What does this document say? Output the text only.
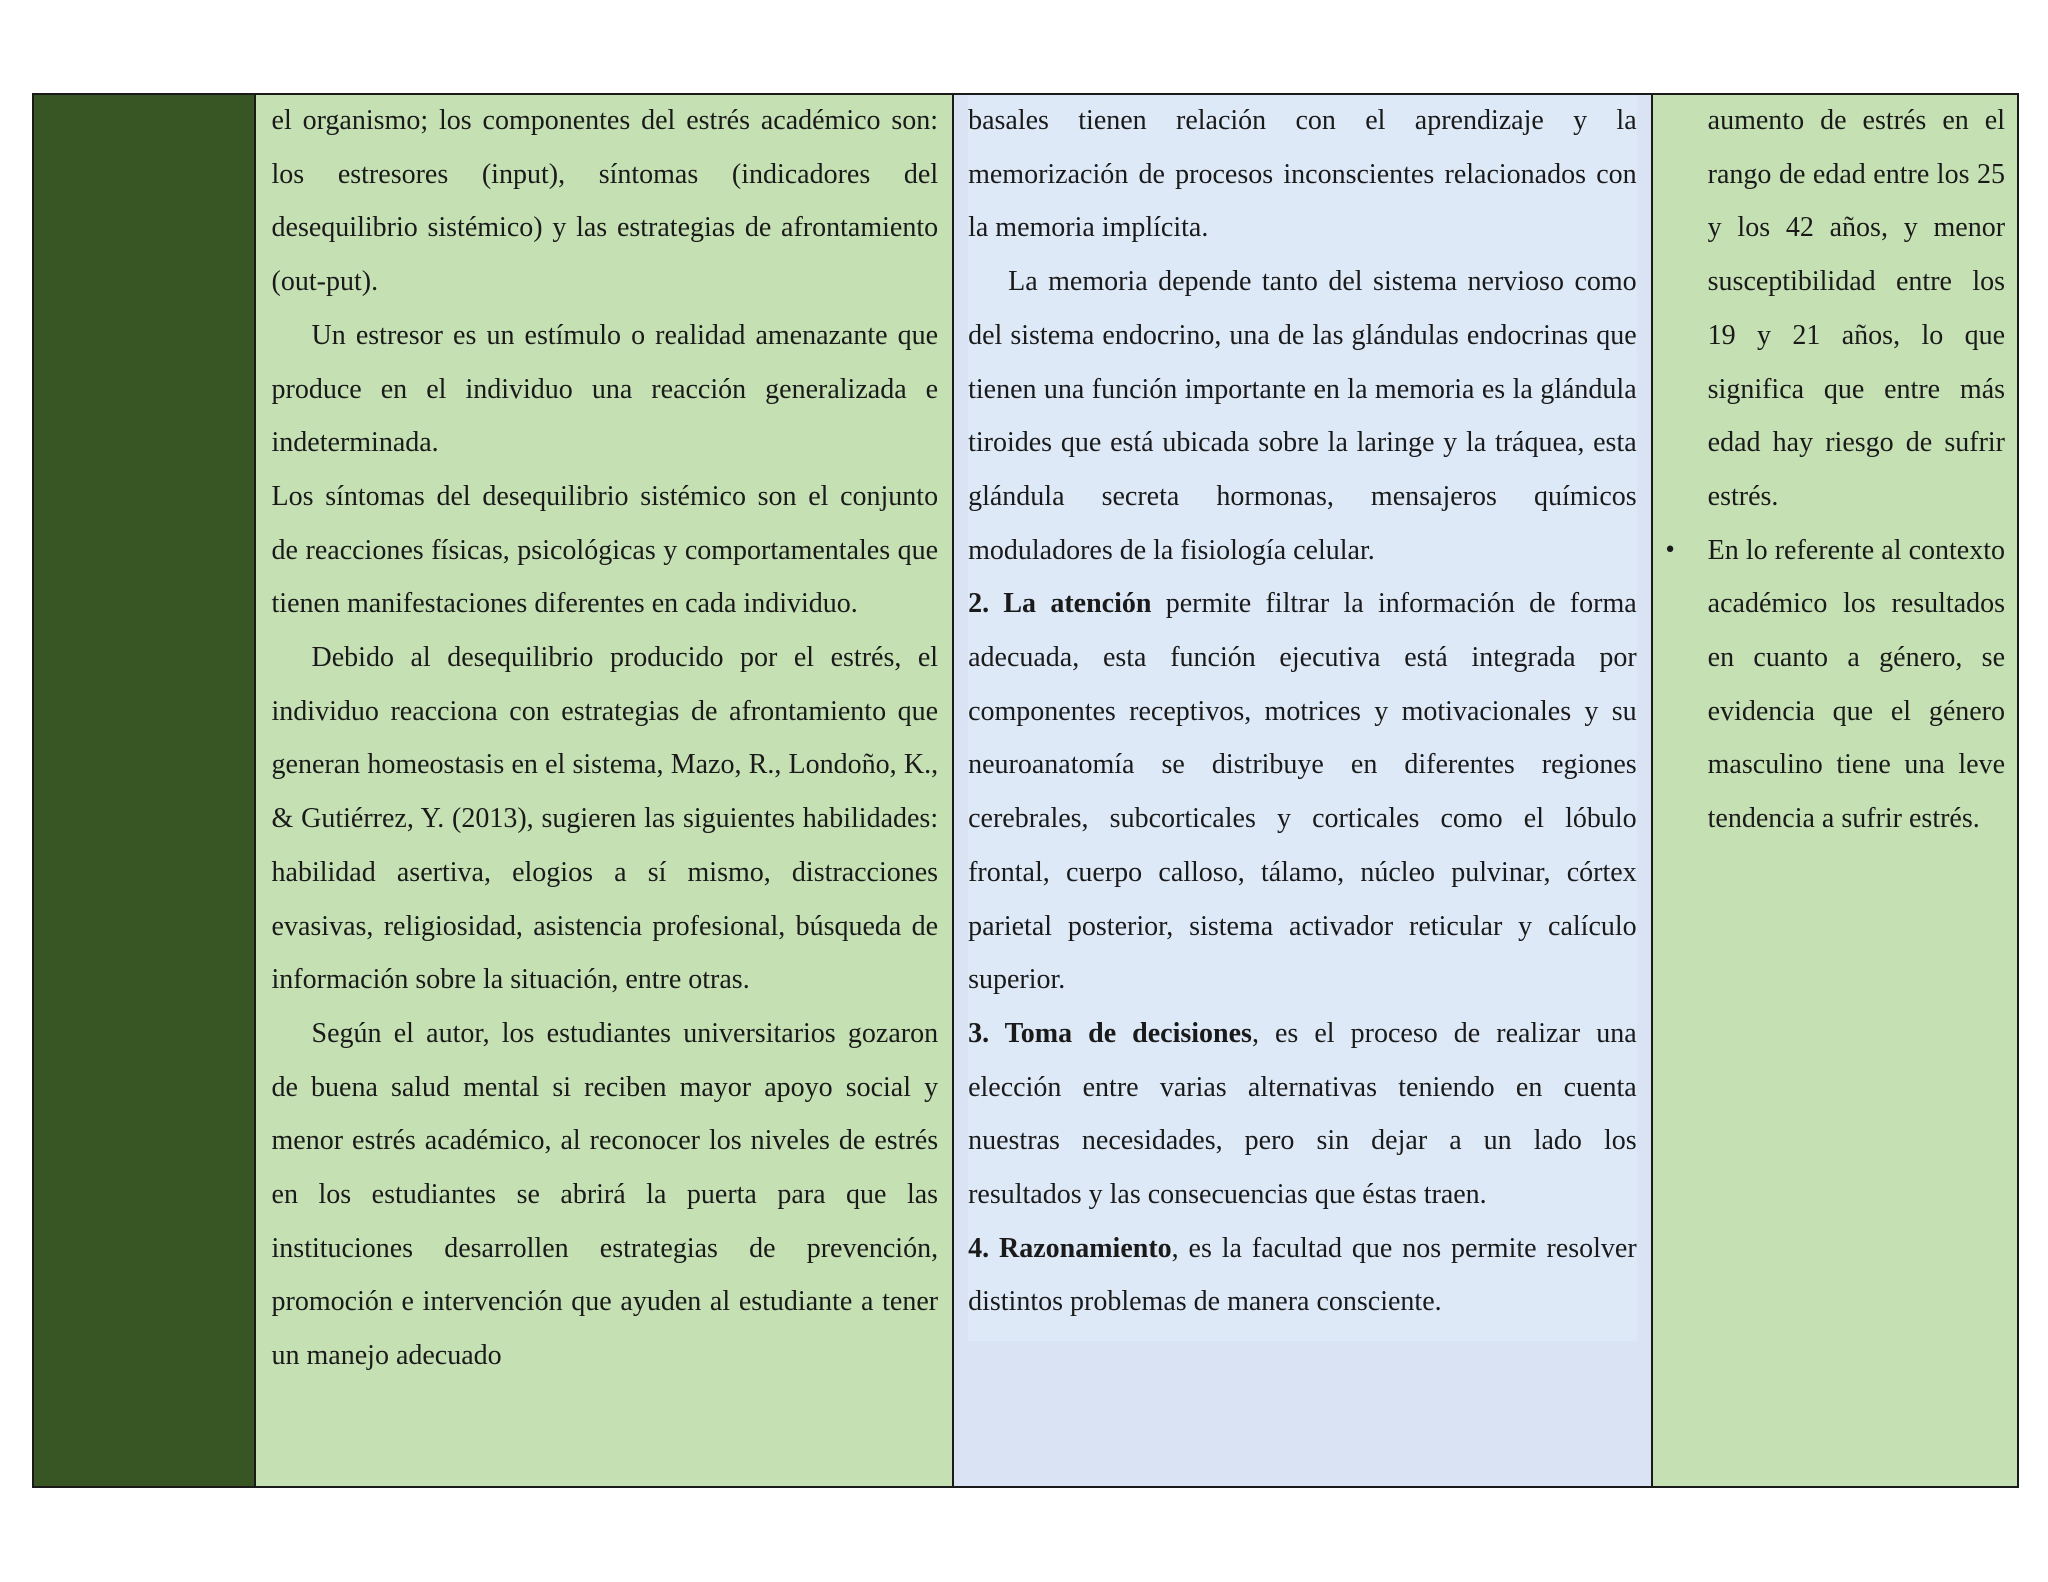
el organismo; los componentes del estrés académico son: los estresores (input), síntomas (indicadores del desequilibrio sistémico) y las estrategias de afrontamiento (out-put).

Un estresor es un estímulo o realidad amenazante que produce en el individuo una reacción generalizada e indeterminada.

Los síntomas del desequilibrio sistémico son el conjunto de reacciones físicas, psicológicas y comportamentales que tienen manifestaciones diferentes en cada individuo.

Debido al desequilibrio producido por el estrés, el individuo reacciona con estrategias de afrontamiento que generan homeostasis en el sistema, Mazo, R., Londoño, K., & Gutiérrez, Y. (2013), sugieren las siguientes habilidades: habilidad asertiva, elogios a sí mismo, distracciones evasivas, religiosidad, asistencia profesional, búsqueda de información sobre la situación, entre otras.

Según el autor, los estudiantes universitarios gozaron de buena salud mental si reciben mayor apoyo social y menor estrés académico, al reconocer los niveles de estrés en los estudiantes se abrirá la puerta para que las instituciones desarrollen estrategias de prevención, promoción e intervención que ayuden al estudiante a tener un manejo adecuado

basales tienen relación con el aprendizaje y la memorización de procesos inconscientes relacionados con la memoria implícita.

La memoria depende tanto del sistema nervioso como del sistema endocrino, una de las glándulas endocrinas que tienen una función importante en la memoria es la glándula tiroides que está ubicada sobre la laringe y la tráquea, esta glándula secreta hormonas, mensajeros químicos moduladores de la fisiología celular.

2. La atención permite filtrar la información de forma adecuada, esta función ejecutiva está integrada por componentes receptivos, motrices y motivacionales y su neuroanatomía se distribuye en diferentes regiones cerebrales, subcorticales y corticales como el lóbulo frontal, cuerpo calloso, tálamo, núcleo pulvinar, córtex parietal posterior, sistema activador reticular y calículo superior.

3. Toma de decisiones, es el proceso de realizar una elección entre varias alternativas teniendo en cuenta nuestras necesidades, pero sin dejar a un lado los resultados y las consecuencias que éstas traen.

4. Razonamiento, es la facultad que nos permite resolver distintos problemas de manera consciente.

aumento de estrés en el rango de edad entre los 25 y los 42 años, y menor susceptibilidad entre los 19 y 21 años, lo que significa que entre más edad hay riesgo de sufrir estrés.

• En lo referente al contexto académico los resultados en cuanto a género, se evidencia que el género masculino tiene una leve tendencia a sufrir estrés.
